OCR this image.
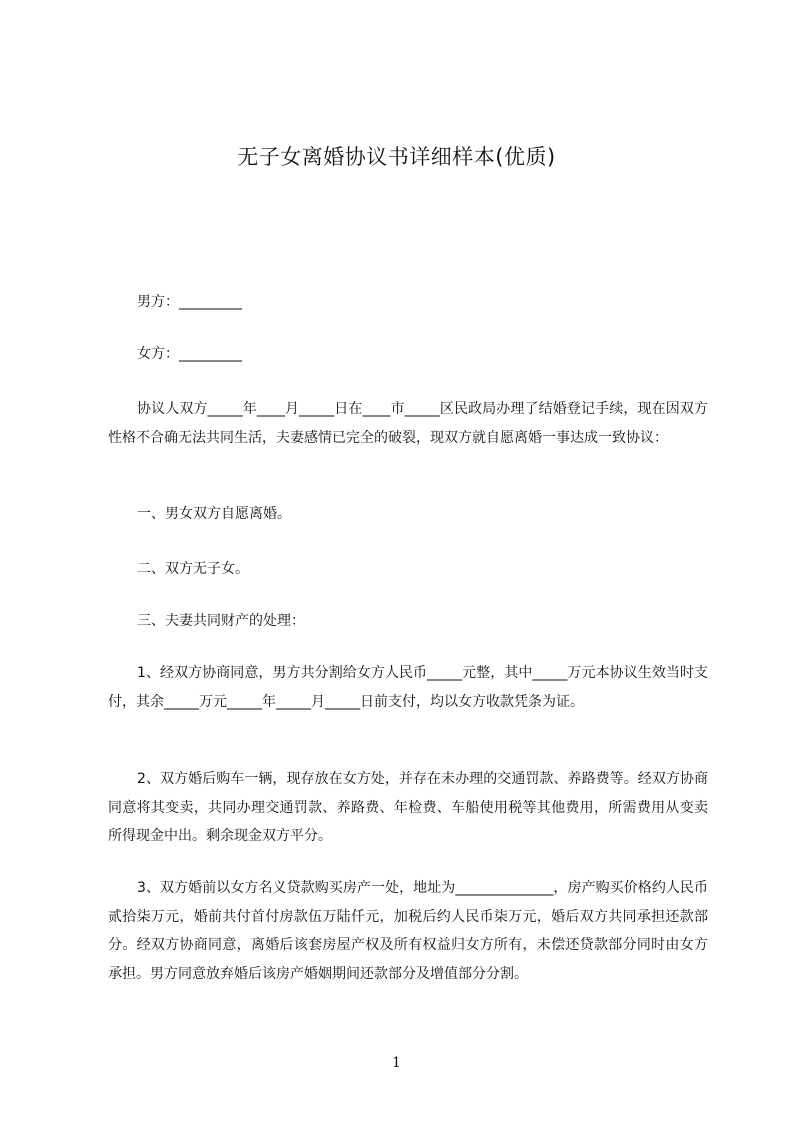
无子女离婚协议书详细样本(优质)

男方：_________

女方：_________

协议人双方_____年____月_____日在____市_____区民政局办理了结婚登记手续，现在因双方性格不合确无法共同生活，夫妻感情已完全的破裂，现双方就自愿离婚一事达成一致协议：

一、男女双方自愿离婚。

二、双方无子女。

三、夫妻共同财产的处理：

1、经双方协商同意，男方共分割给女方人民币_____元整，其中_____万元本协议生效当时支付，其余_____万元_____年_____月_____日前支付，均以女方收款凭条为证。

2、双方婚后购车一辆，现存放在女方处，并存在未办理的交通罚款、养路费等。经双方协商同意将其变卖，共同办理交通罚款、养路费、年检费、车船使用税等其他费用，所需费用从变卖所得现金中出。剩余现金双方平分。

3、双方婚前以女方名义贷款购买房产一处，地址为______________，房产购买价格约人民币贰拾柒万元，婚前共付首付房款伍万陆仟元，加税后约人民币柒万元，婚后双方共同承担还款部分。经双方协商同意，离婚后该套房屋产权及所有权益归女方所有，未偿还贷款部分同时由女方承担。男方同意放弃婚后该房产婚姻期间还款部分及增值部分分割。

1
